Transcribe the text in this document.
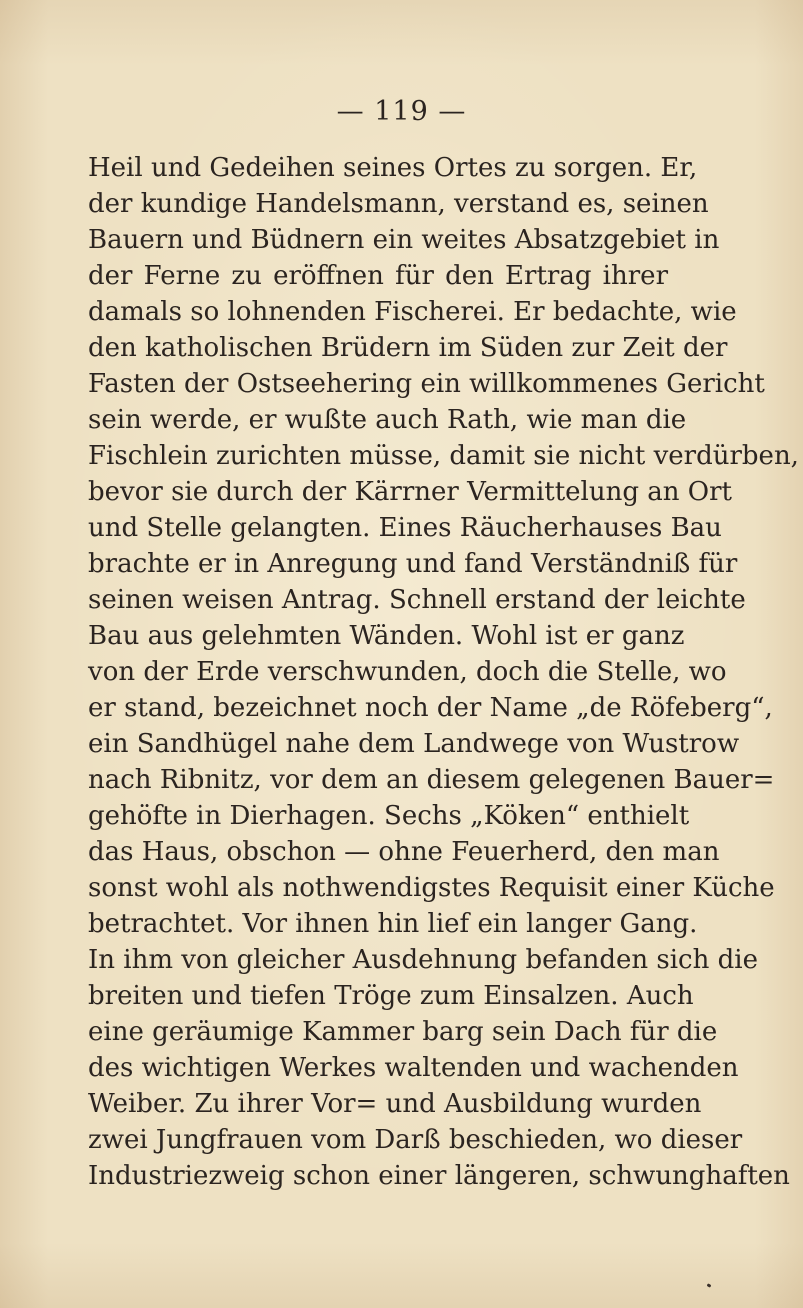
— 119 —
Heil und Gedeihen seines Ortes zu sorgen. Er,
der kundige Handelsmann, verstand es, seinen
Bauern und Büdnern ein weites Absatzgebiet in
der Ferne zu eröffnen für den Ertrag ihrer
damals so lohnenden Fischerei. Er bedachte, wie
den katholischen Brüdern im Süden zur Zeit der
Fasten der Ostseehering ein willkommenes Gericht
sein werde, er wußte auch Rath, wie man die
Fischlein zurichten müsse, damit sie nicht verdürben,
bevor sie durch der Kärrner Vermittelung an Ort
und Stelle gelangten. Eines Räucherhauses Bau
brachte er in Anregung und fand Verständniß für
seinen weisen Antrag. Schnell erstand der leichte
Bau aus gelehmten Wänden. Wohl ist er ganz
von der Erde verschwunden, doch die Stelle, wo
er stand, bezeichnet noch der Name „de Röfeberg“,
ein Sandhügel nahe dem Landwege von Wustrow
nach Ribnitz, vor dem an diesem gelegenen Bauer=
gehöfte in Dierhagen. Sechs „Köken“ enthielt
das Haus, obschon — ohne Feuerherd, den man
sonst wohl als nothwendigstes Requisit einer Küche
betrachtet. Vor ihnen hin lief ein langer Gang.
In ihm von gleicher Ausdehnung befanden sich die
breiten und tiefen Tröge zum Einsalzen. Auch
eine geräumige Kammer barg sein Dach für die
des wichtigen Werkes waltenden und wachenden
Weiber. Zu ihrer Vor= und Ausbildung wurden
zwei Jungfrauen vom Darß beschieden, wo dieser
Industriezweig schon einer längeren, schwunghaften
